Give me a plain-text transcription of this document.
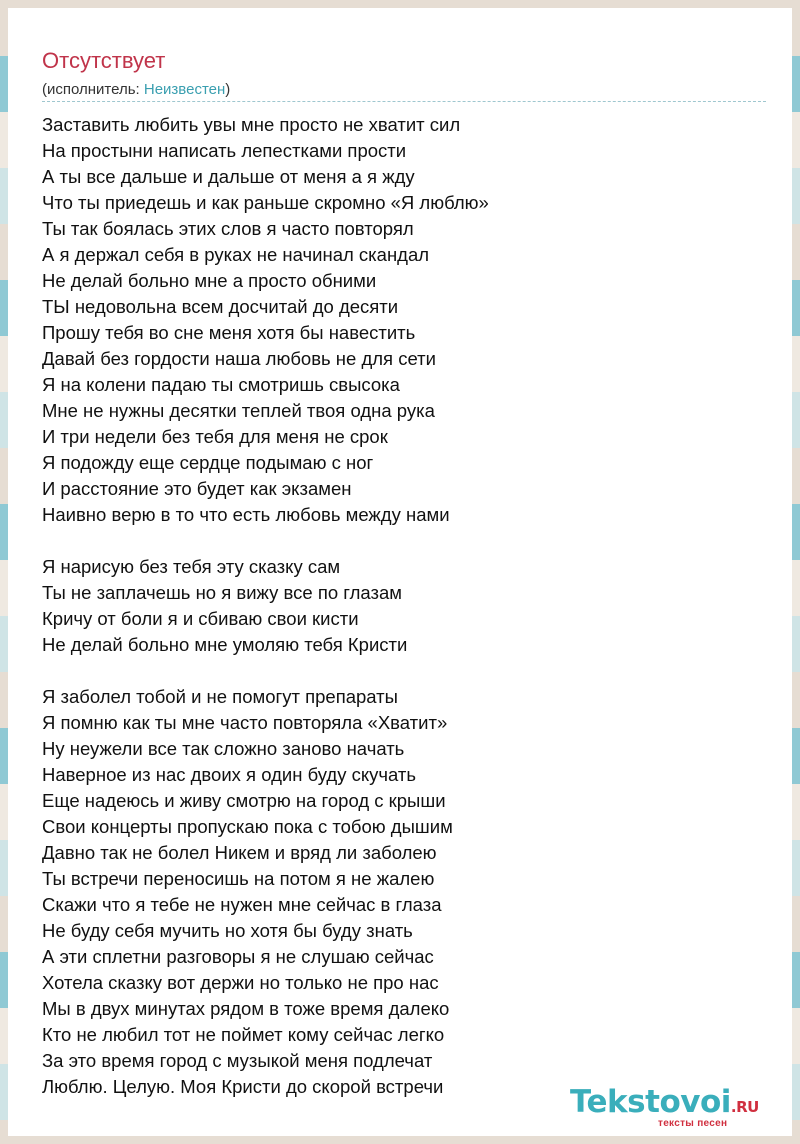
Отсутствует
(исполнитель: Неизвестен)
Заставить любить увы мне просто не хватит сил
На простыни написать лепестками прости
А ты все дальше и дальше от меня а я жду
Что ты приедешь и как раньше скромно «Я люблю»
Ты так боялась этих слов я часто повторял
А я держал себя в руках не начинал скандал
Не делай больно мне а просто обними
ТЫ недовольна всем досчитай до десяти
Прошу тебя во сне меня хотя бы навестить
Давай без гордости наша любовь не для сети
Я на колени падаю ты смотришь свысока
Мне не нужны десятки теплей твоя одна рука
И три недели без тебя для меня не срок
Я подожду еще сердце подымаю с ног
И расстояние это будет как экзамен
Наивно верю в то что есть любовь между нами
Я нарисую без тебя эту сказку сам
Ты не заплачешь но я вижу все по глазам
Кричу от боли я и сбиваю свои кисти
Не делай больно мне умоляю тебя Кристи
Я заболел тобой и не помогут препараты
Я помню как ты мне часто повторяла «Хватит»
Ну неужели все так сложно заново начать
Наверное из нас двоих я один буду скучать
Еще надеюсь и живу смотрю на город с крыши
Свои концерты пропускаю пока с тобою дышим
Давно так не болел Никем и вряд ли заболею
Ты встречи переносишь на потом я не жалею
Скажи что я тебе не нужен мне сейчас в глаза
Не буду себя мучить но хотя бы буду знать
А эти сплетни разговоры я не слушаю сейчас
Хотела сказку вот держи но только не про нас
Мы в двух минутах рядом в тоже время далеко
Кто не любил тот не поймет кому сейчас легко
За это время город с музыкой меня подлечат
Люблю. Целую. Моя Кристи до скорой встречи	Tekstovoi.RU
тексты песен
